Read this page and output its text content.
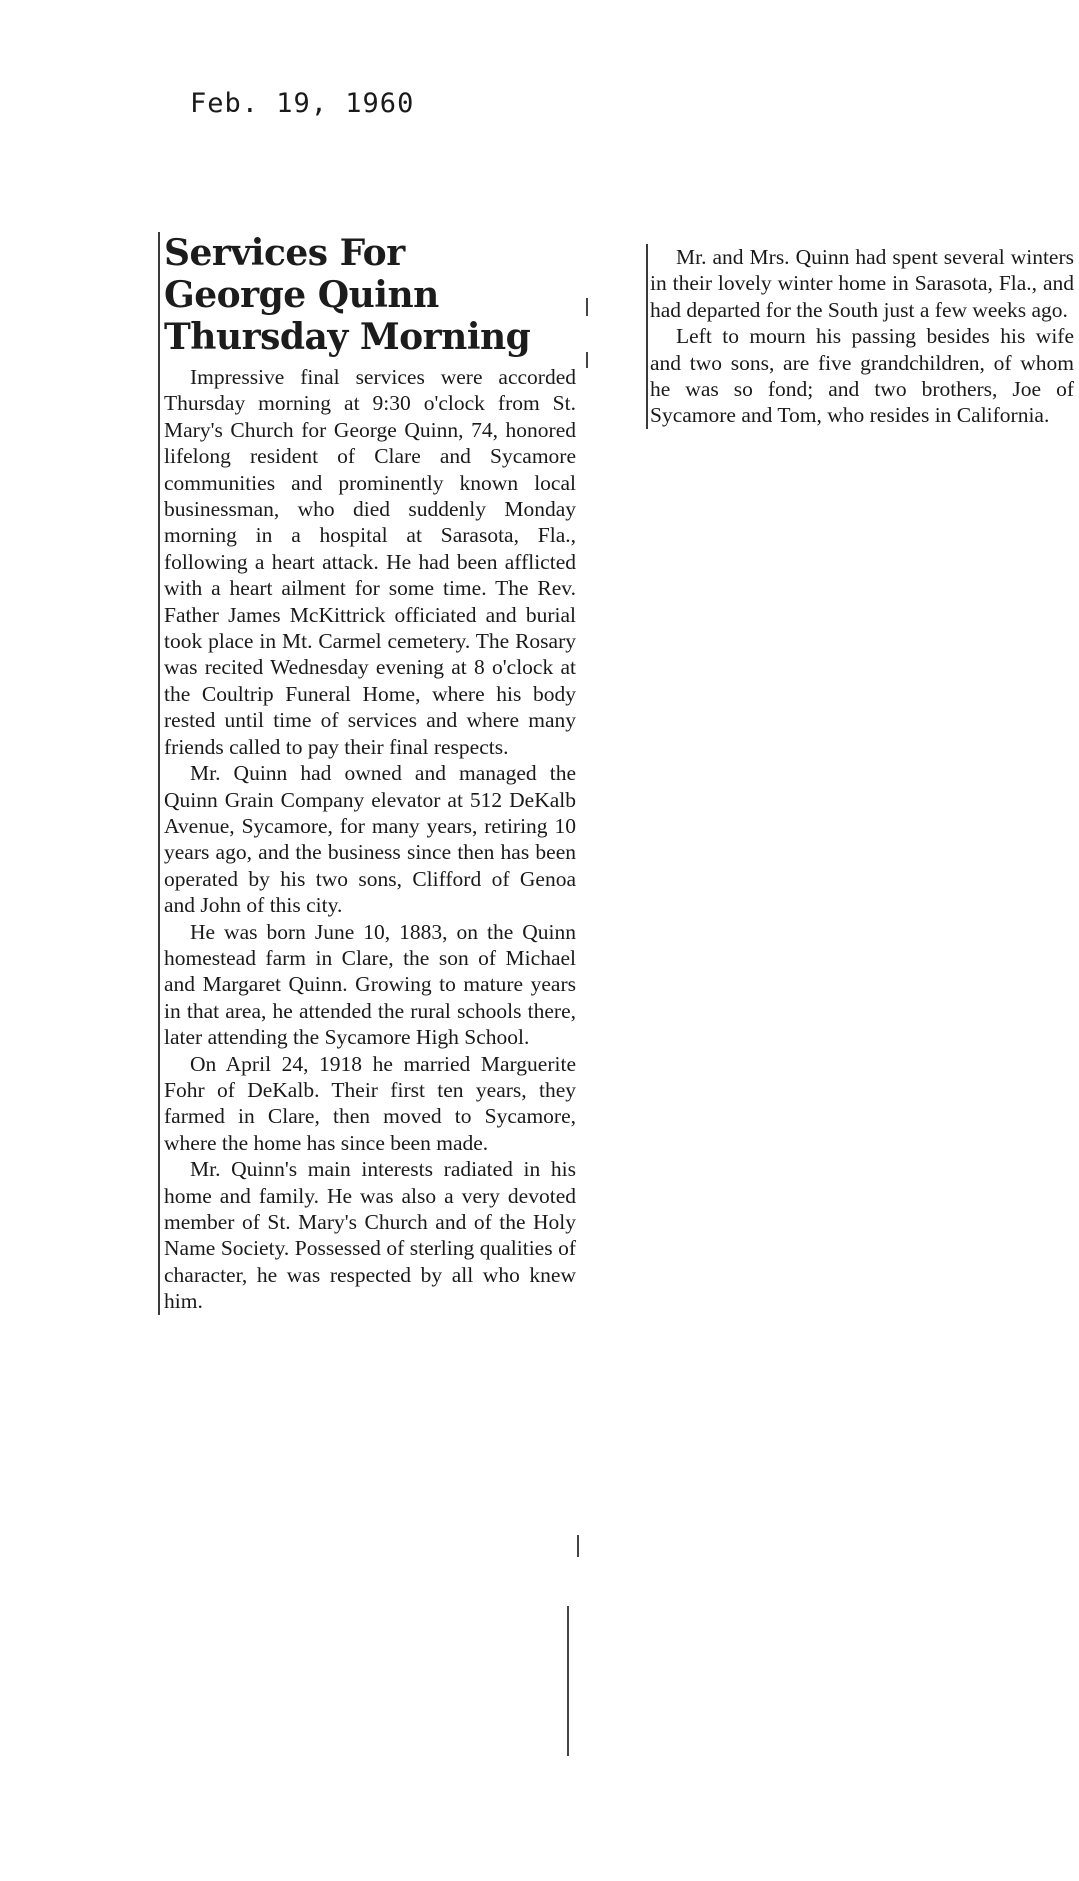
Feb. 19, 1960
Services For
George Quinn
Thursday Morning

Impressive final services were accorded Thursday morning at 9:30 o'clock from St. Mary's Church for George Quinn, 74, honored lifelong resident of Clare and Sycamore communities and prominently known local businessman, who died suddenly Monday morning in a hospital at Sarasota, Fla., following a heart attack. He had been afflicted with a heart ailment for some time. The Rev. Father James McKittrick officiated and burial took place in Mt. Carmel cemetery. The Rosary was recited Wednesday evening at 8 o'clock at the Coultrip Funeral Home, where his body rested until time of services and where many friends called to pay their final respects.

Mr. Quinn had owned and managed the Quinn Grain Company elevator at 512 DeKalb Avenue, Sycamore, for many years, retiring 10 years ago, and the business since then has been operated by his two sons, Clifford of Genoa and John of this city.

He was born June 10, 1883, on the Quinn homestead farm in Clare, the son of Michael and Margaret Quinn. Growing to mature years in that area, he attended the rural schools there, later attending the Sycamore High School.

On April 24, 1918 he married Marguerite Fohr of DeKalb. Their first ten years, they farmed in Clare, then moved to Sycamore, where the home has since been made.

Mr. Quinn's main interests radiated in his home and family. He was also a very devoted member of St. Mary's Church and of the Holy Name Society. Possessed of sterling qualities of character, he was respected by all who knew him.

Mr. and Mrs. Quinn had spent several winters in their lovely winter home in Sarasota, Fla., and had departed for the South just a few weeks ago.

Left to mourn his passing besides his wife and two sons, are five grandchildren, of whom he was so fond; and two brothers, Joe of Sycamore and Tom, who resides in California.
